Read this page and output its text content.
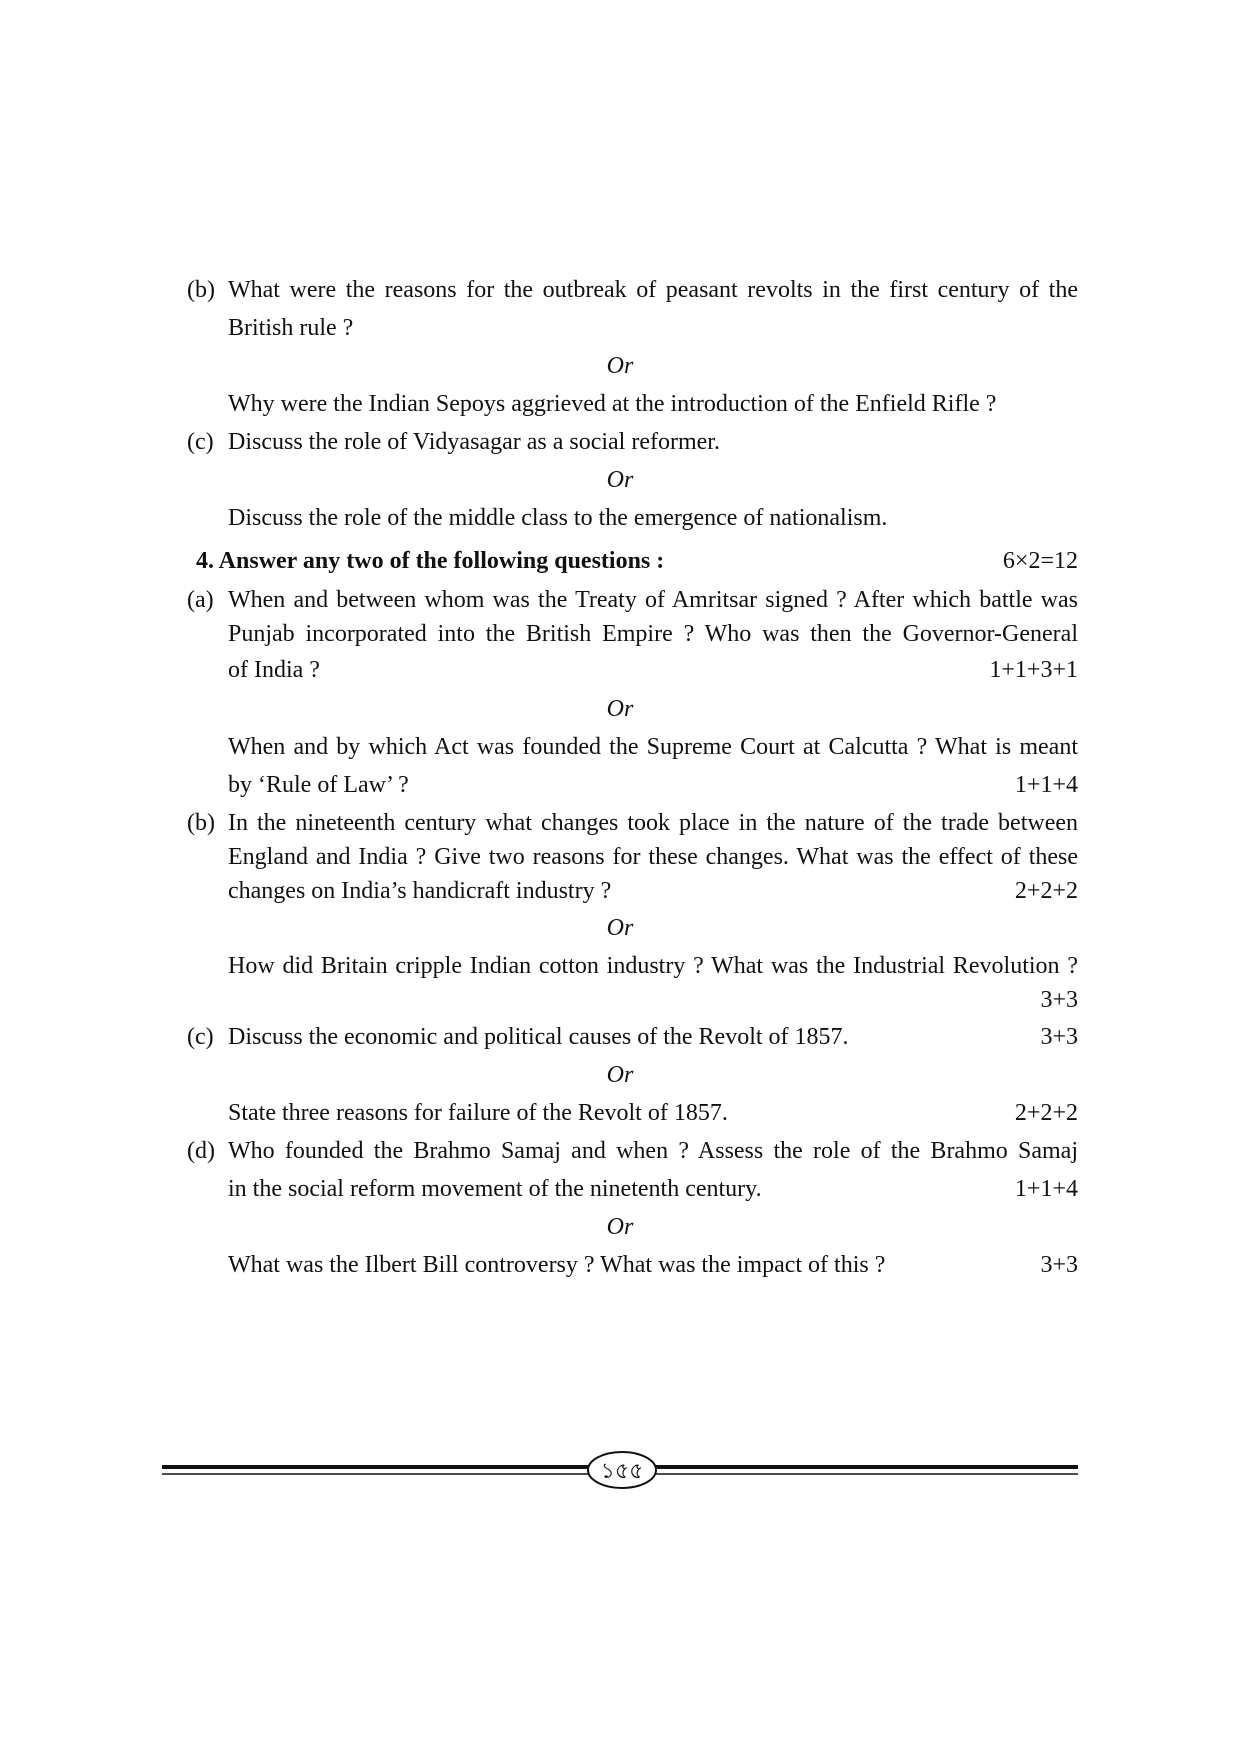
(b) What were the reasons for the outbreak of peasant revolts in the first century of the
British rule ?
Or
Why were the Indian Sepoys aggrieved at the introduction of the Enfield Rifle ?
(c) Discuss the role of Vidyasagar as a social reformer.
Or
Discuss the role of the middle class to the emergence of nationalism.
4. Answer any two of the following questions :	6×2=12
(a) When and between whom was the Treaty of Amritsar signed ? After which battle was
Punjab incorporated into the British Empire ? Who was then the Governor-General
of India ?	1+1+3+1
Or
When and by which Act was founded the Supreme Court at Calcutta ? What is meant
by ‘Rule of Law’ ?	1+1+4
(b) In the nineteenth century what changes took place in the nature of the trade between
England and India ? Give two reasons for these changes. What was the effect of these
changes on India’s handicraft industry ?	2+2+2
Or
How did Britain cripple Indian cotton industry ? What was the Industrial Revolution ?
3+3
(c) Discuss the economic and political causes of the Revolt of 1857.	3+3
Or
State three reasons for failure of the Revolt of 1857.	2+2+2
(d) Who founded the Brahmo Samaj and when ? Assess the role of the Brahmo Samaj
in the social reform movement of the ninetenth century.	1+1+4
Or
What was the Ilbert Bill controversy ? What was the impact of this ?	3+3
১৫৫
